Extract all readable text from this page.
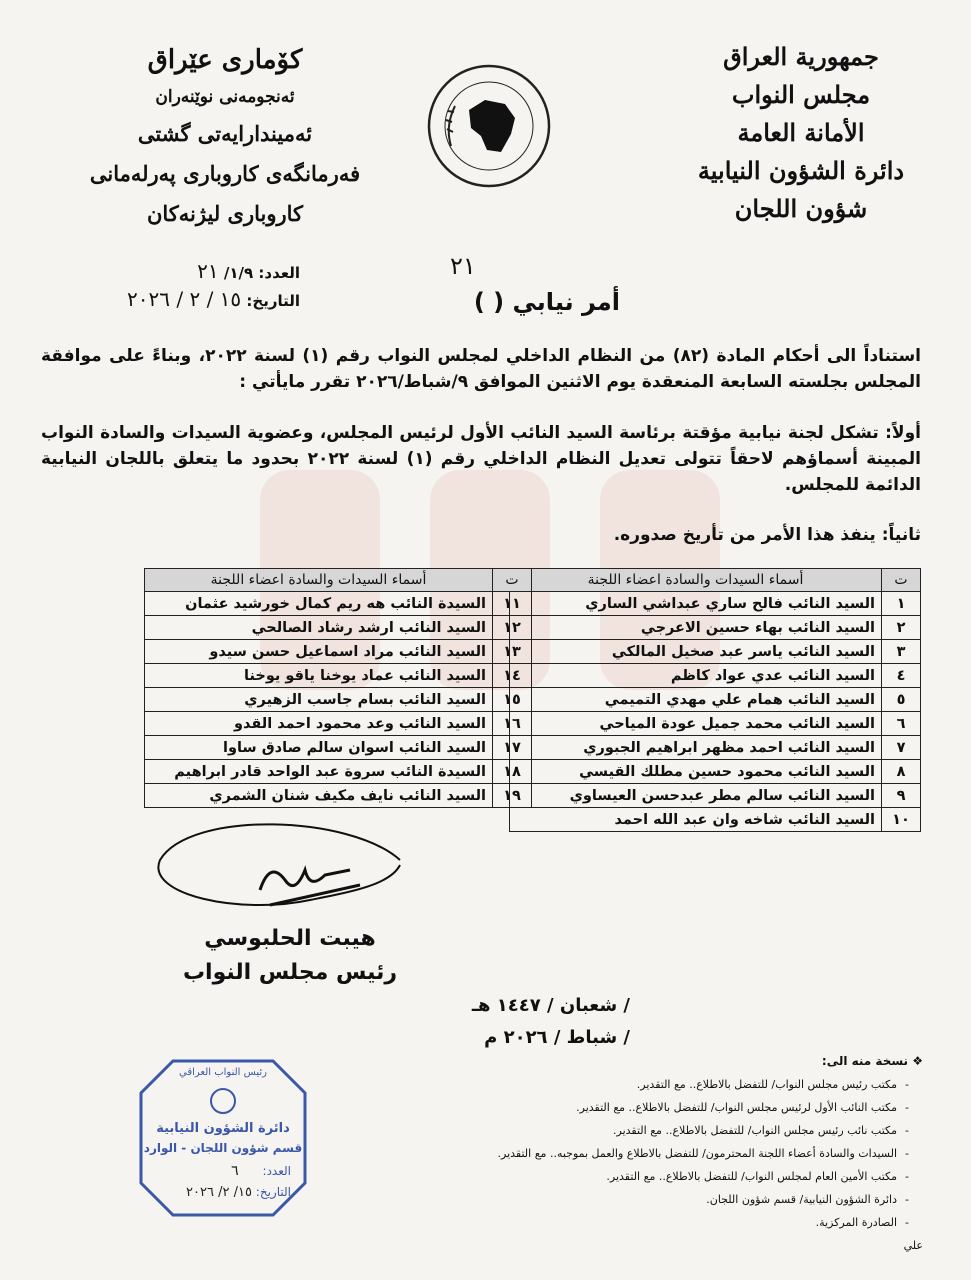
جمهورية العراق
مجلس النواب
الأمانة العامة
دائرة الشؤون النيابية
شؤون اللجان
کۆماری عێراق
ئەنجومەنی نوێنەران
ئەمیندارایەتی گشتی
فەرمانگەی کاروباری پەرلەمانی
کاروباری لیژنەکان
العدد: ١/٩/ ٢١
التاريخ: ١٥ / ٢ / ٢٠٢٦
٢١
أمر نيابي ( )
استناداً الى أحكام المادة (٨٢) من النظام الداخلي لمجلس النواب رقم (١) لسنة ٢٠٢٢، وبناءً على موافقة المجلس بجلسته السابعة المنعقدة يوم الاثنين الموافق ٩/شباط/٢٠٢٦ تقرر مايأتي :
أولاً: تشكل لجنة نيابية مؤقتة برئاسة السيد النائب الأول لرئيس المجلس، وعضوية السيدات والسادة النواب المبينة أسماؤهم لاحقاً تتولى تعديل النظام الداخلي رقم (١) لسنة ٢٠٢٢ بحدود ما يتعلق باللجان النيابية الدائمة للمجلس.
ثانياً: ينفذ هذا الأمر من تأريخ صدوره.
ت	أسماء السيدات والسادة اعضاء اللجنة
١	السيد النائب فالح ساري عبداشي الساري
٢	السيد النائب بهاء حسين الاعرجي
٣	السيد النائب ياسر عبد صخيل المالكي
٤	السيد النائب عدي عواد كاظم
٥	السيد النائب همام علي مهدي التميمي
٦	السيد النائب محمد جميل عودة المياحي
٧	السيد النائب احمد مظهر ابراهيم الجبوري
٨	السيد النائب محمود حسين مطلك القيسي
٩	السيد النائب سالم مطر عبدحسن العيساوي
١٠	السيد النائب شاخه وان عبد الله احمد
ت	أسماء السيدات والسادة اعضاء اللجنة
١١	السيدة النائب هه ريم كمال خورشيد عثمان
١٢	السيد النائب ارشد رشاد الصالحي
١٣	السيد النائب مراد اسماعيل حسن سيدو
١٤	السيد النائب عماد يوخنا ياقو يوخنا
١٥	السيد النائب بسام جاسب الزهيري
١٦	السيد النائب وعد محمود احمد القدو
١٧	السيد النائب اسوان سالم صادق ساوا
١٨	السيدة النائب سروة عبد الواحد قادر ابراهيم
١٩	السيد النائب نايف مكيف شنان الشمري
هيبت الحلبوسي
رئيس مجلس النواب
/ شعبان / ١٤٤٧ هـ
/ شباط / ٢٠٢٦ م
رئيس النواب العراقي
دائرة الشؤون النيابية
قسم شؤون اللجان - الوارد
العدد: ٦
التاريخ: ١٥/ ٢/ ٢٠٢٦
❖ نسخة منه الى:
- مكتب رئيس مجلس النواب/ للتفضل بالاطلاع.. مع التقدير.
- مكتب النائب الأول لرئيس مجلس النواب/ للتفضل بالاطلاع.. مع التقدير.
- مكتب نائب رئيس مجلس النواب/ للتفضل بالاطلاع.. مع التقدير.
- السيدات والسادة أعضاء اللجنة المحترمون/ للتفضل بالاطلاع والعمل بموجبه.. مع التقدير.
- مكتب الأمين العام لمجلس النواب/ للتفضل بالاطلاع.. مع التقدير.
- دائرة الشؤون النيابية/ قسم شؤون اللجان.
- الصادرة المركزية.
علي
